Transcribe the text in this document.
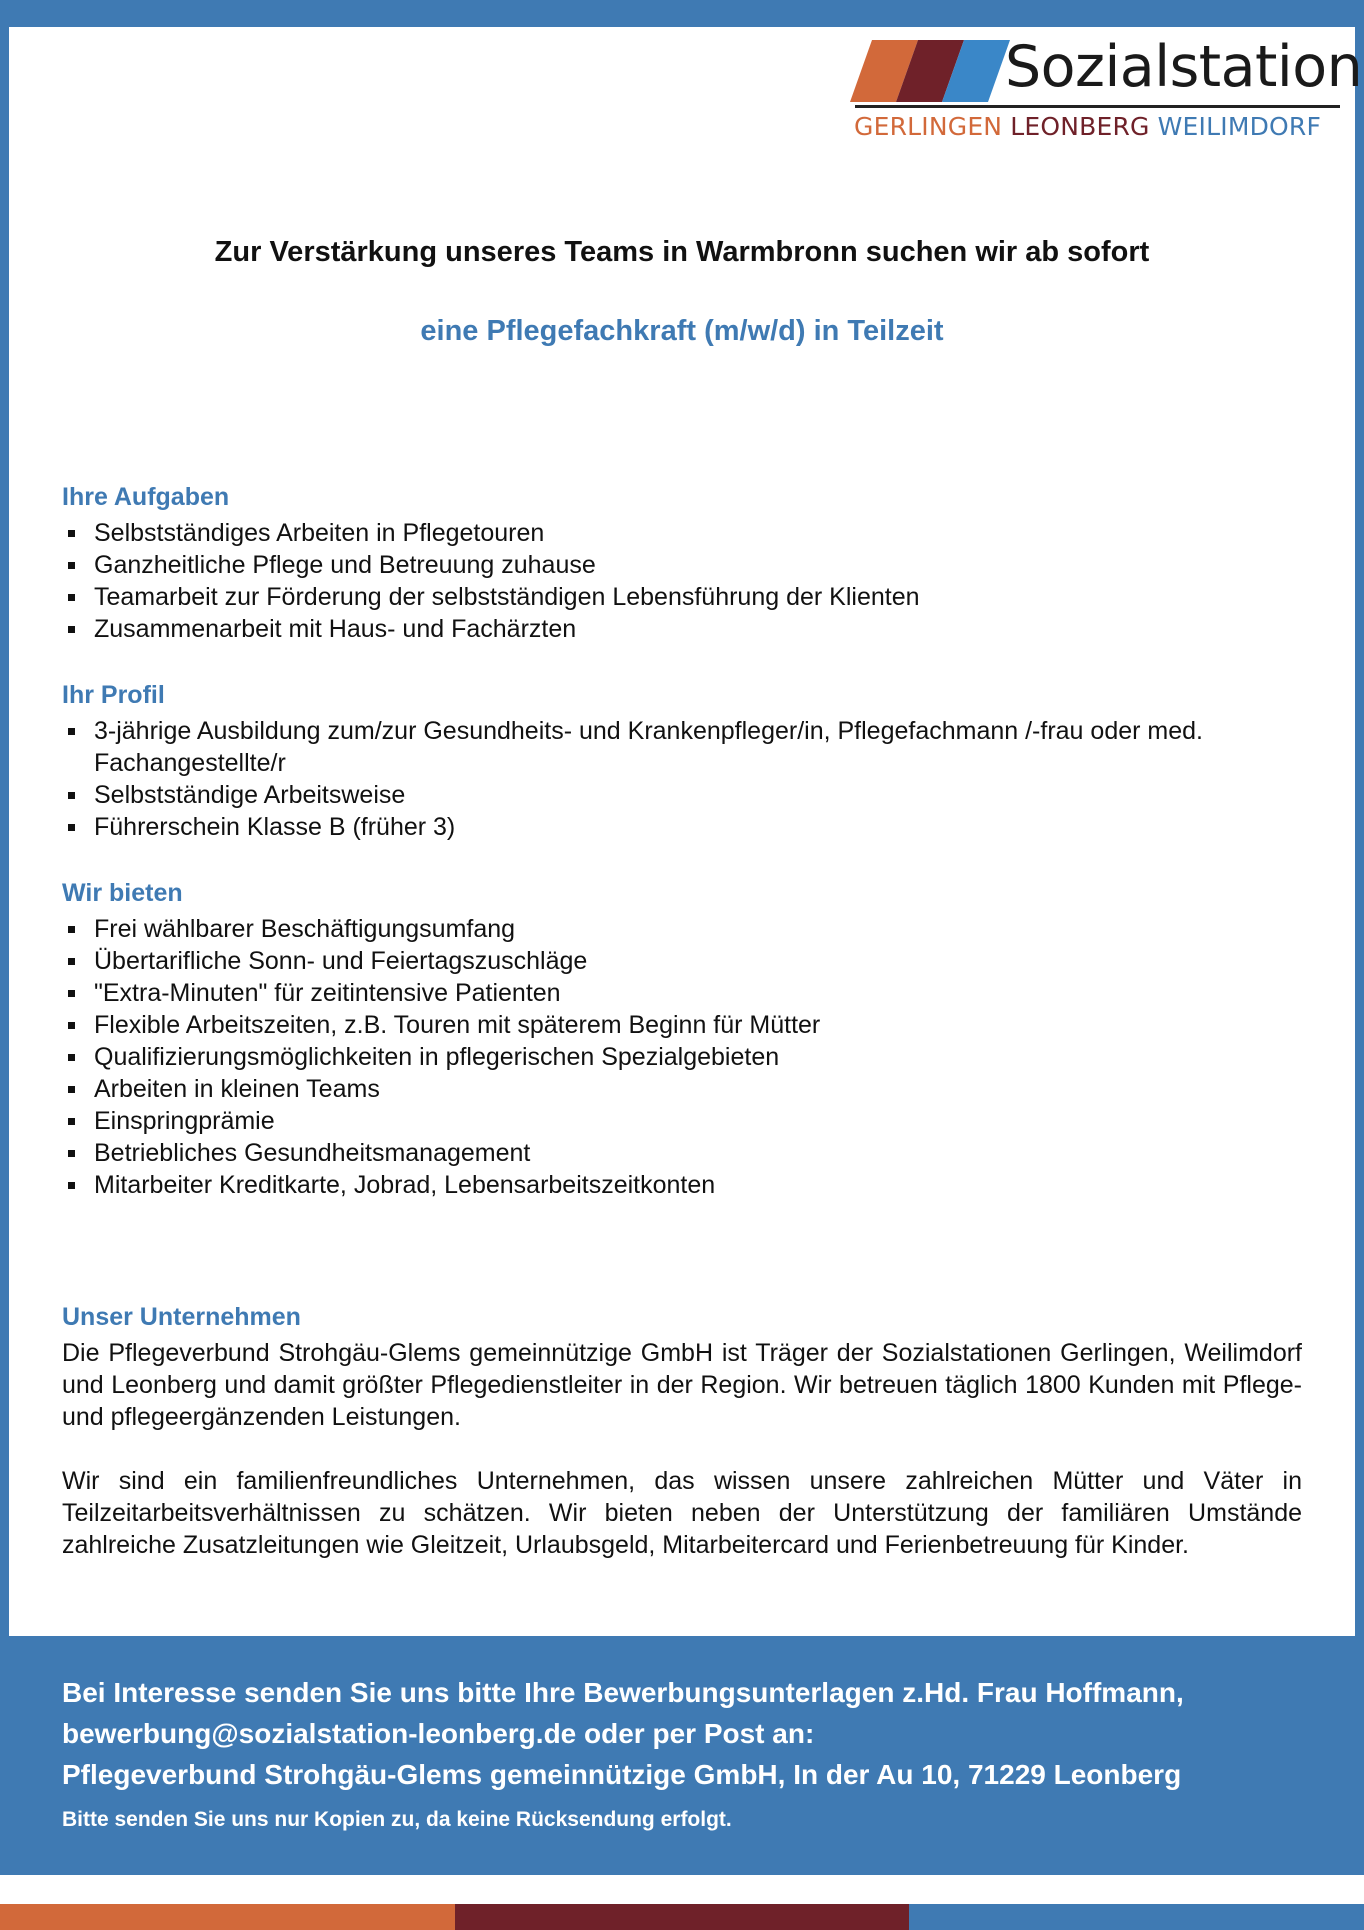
Sozialstation
GERLINGEN LEONBERG WEILIMDORF
Zur Verstärkung unseres Teams in Warmbronn suchen wir ab sofort
eine Pflegefachkraft (m/w/d) in Teilzeit
Ihre Aufgaben
Selbstständiges Arbeiten in Pflegetouren
Ganzheitliche Pflege und Betreuung zuhause
Teamarbeit zur Förderung der selbstständigen Lebensführung der Klienten
Zusammenarbeit mit Haus- und Fachärzten
Ihr Profil
3-jährige Ausbildung zum/zur Gesundheits- und Krankenpfleger/in, Pflegefachmann /-frau oder med. Fachangestellte/r
Selbstständige Arbeitsweise
Führerschein Klasse B (früher 3)
Wir bieten
Frei wählbarer Beschäftigungsumfang
Übertarifliche Sonn- und Feiertagszuschläge
"Extra-Minuten" für zeitintensive Patienten
Flexible Arbeitszeiten, z.B. Touren mit späterem Beginn für Mütter
Qualifizierungsmöglichkeiten in pflegerischen Spezialgebieten
Arbeiten in kleinen Teams
Einspringprämie
Betriebliches Gesundheitsmanagement
Mitarbeiter Kreditkarte, Jobrad, Lebensarbeitszeitkonten
Unser Unternehmen

Die Pflegeverbund Strohgäu-Glems gemeinnützige GmbH ist Träger der Sozialstationen Gerlingen, Weilimdorf und Leonberg und damit größter Pflegedienstleiter in der Region. Wir betreuen täglich 1800 Kunden mit Pflege- und pflegeergänzenden Leistungen.

Wir sind ein familienfreundliches Unternehmen, das wissen unsere zahlreichen Mütter und Väter in Teilzeitarbeitsverhältnissen zu schätzen. Wir bieten neben der Unterstützung der familiären Umstände zahlreiche Zusatzleitungen wie Gleitzeit, Urlaubsgeld, Mitarbeitercard und Ferienbetreuung für Kinder.

Bei Interesse senden Sie uns bitte Ihre Bewerbungsunterlagen z.Hd. Frau Hoffmann,
bewerbung@sozialstation-leonberg.de oder per Post an:
Pflegeverbund Strohgäu-Glems gemeinnützige GmbH, In der Au 10, 71229 Leonberg

Bitte senden Sie uns nur Kopien zu, da keine Rücksendung erfolgt.
